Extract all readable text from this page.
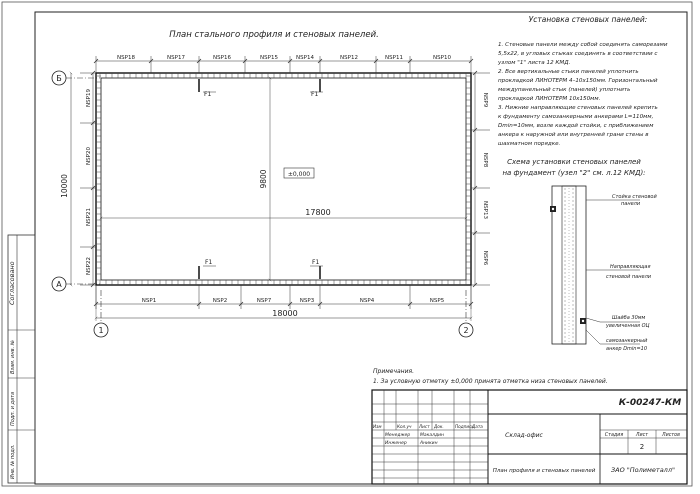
Согласовано
Взам. инв. №
Подп. и дата
Инв. № подл.
План стального профиля и стеновых панелей.
17800
9800	±0,000
F1	F1
F1	F1
NSP18	NSP17	NSP16	NSP15	NSP14	NSP12	NSP11	NSP10
NSP1	NSP2	NSP7	NSP3	NSP4	NSP5
18000
NSP19
NSP20
NSP21
NSP22
10000
NSP9
NSP8
NSP13
NSP6
Б
А
1	2
Установка стеновых панелей:
1. Стеновые панели между собой соединять саморезами
5,5х22, в угловых стыках соединять в соответствии с
узлом "1" листа 12 КМД.
2. Все вертикальные стыки панелей уплотнить
прокладкой ЛИНОТЕРМ 4–10х150мм. Горизонтальный
междупанельный стык (панелей) уплотнить
прокладкой ЛИНОТЕРМ 10х150мм.
3. Нижние направляющие стеновых панелей крепить
к фундаменту самозанкерными анкерами L=110мм,
Dmin=10мм, возле каждой стойки, с приближением
анкера к наружной или внутренней грани стены в
шахматном порядке.
Схема установки стеновых панелей
на фундамент (узел "2" см. л.12 КМД):
Стойка стеновой
панели
Направляющая
стеновой панели
Шайба 30мм
увеличенная ОЦ
самозанкерный
анкер Dmin=10
Примечания.
1. За условную отметку ±0,000 принята отметка низа стеновых панелей.
Изм	Кол.уч Лист Док.	Подпись
Дата
Менеджер Макалдин
Инженер	Аникин
К-00247-КМ
Склад-офис	Стадия	Лист	Листов
2
План профиля и стеновых панелей ЗАО "Полиметалл"
